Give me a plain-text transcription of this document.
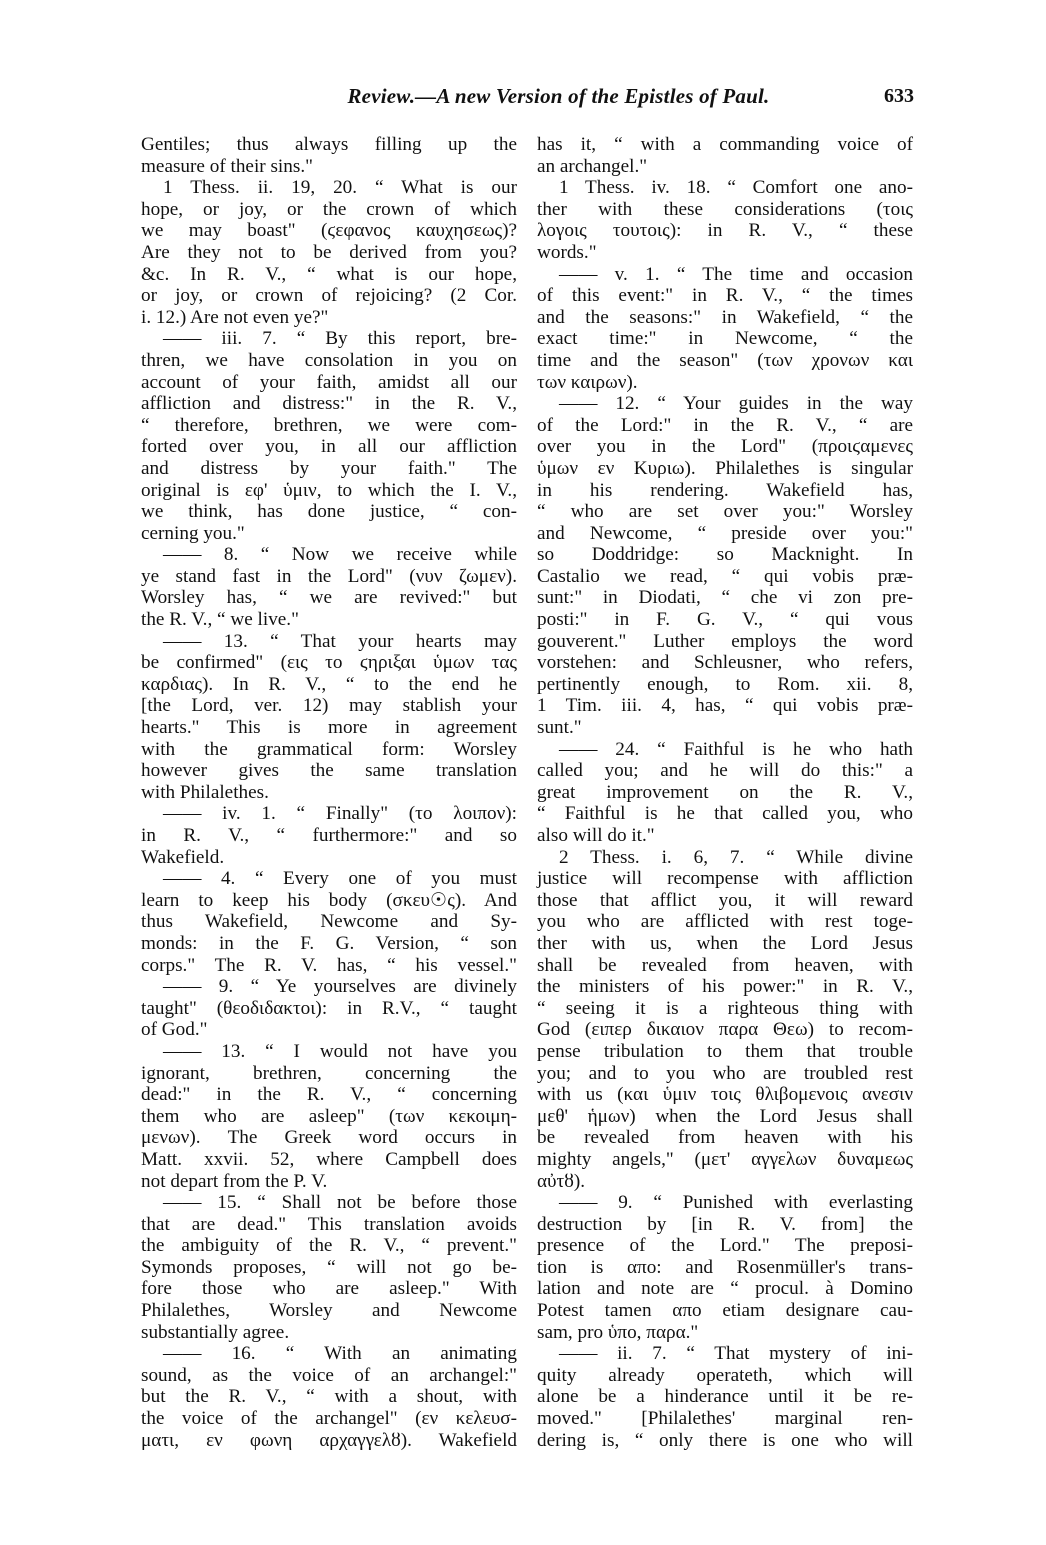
Review.—A new Version of the Epistles of Paul.	633
Gentiles; thus always filling up the
measure of their sins."
1 Thess. ii. 19, 20. “ What is our
hope, or joy, or the crown of which
we may boast" (ϛεφανος καυχησεως)?
Are they not to be derived from you?
&c. In R. V., “ what is our hope,
or joy, or crown of rejoicing? (2 Cor.
i. 12.) Are not even ye?"
—— iii. 7. “ By this report, bre-
thren, we have consolation in you on
account of your faith, amidst all our
affliction and distress:" in the R. V.,
“ therefore, brethren, we were com-
forted over you, in all our affliction
and distress by your faith." The
original is εφ' ὑμιν, to which the I. V.,
we think, has done justice, “ con-
cerning you."
—— 8. “ Now we receive while
ye stand fast in the Lord" (νυν ζωμεν).
Worsley has, “ we are revived:" but
the R. V., “ we live."
—— 13. “ That your hearts may
be confirmed" (εις το ϛηριξαι ὑμων τας
καρδιας). In R. V., “ to the end he
[the Lord, ver. 12) may stablish your
hearts." This is more in agreement
with the grammatical form: Worsley
however gives the same translation
with Philalethes.
—— iv. 1. “ Finally" (το λοιπον):
in R. V., “ furthermore:" and so
Wakefield.
—— 4. “ Every one of you must
learn to keep his body (σκευ☉ς). And
thus Wakefield, Newcome and Sy-
monds: in the F. G. Version, “ son
corps." The R. V. has, “ his vessel."
—— 9. “ Ye yourselves are divinely
taught" (θεοδιδακτοι): in R.V., “ taught
of God."
—— 13. “ I would not have you
ignorant, brethren, concerning the
dead:" in the R. V., “ concerning
them who are asleep" (των κεκοιμη-
μενων). The Greek word occurs in
Matt. xxvii. 52, where Campbell does
not depart from the P. V.
—— 15. “ Shall not be before those
that are dead." This translation avoids
the ambiguity of the R. V., “ prevent."
Symonds proposes, “ will not go be-
fore those who are asleep." With
Philalethes, Worsley and Newcome
substantially agree.
—— 16. “ With an animating
sound, as the voice of an archangel:"
but the R. V., “ with a shout, with
the voice of the archangel" (εν κελευσ-
ματι, εν φωνη αρχαγγελȣ). Wakefield
has it, “ with a commanding voice of
an archangel."
1 Thess. iv. 18. “ Comfort one ano-
ther with these considerations (τοις
λογοις τουτοις): in R. V., “ these
words."
—— v. 1. “ The time and occasion
of this event:" in R. V., “ the times
and the seasons:" in Wakefield, “ the
exact time:" in Newcome, “ the
time and the season" (των χρονων και
των καιρων).
—— 12. “ Your guides in the way
of the Lord:" in the R. V., “ are
over you in the Lord" (προιϛαμενες
ὑμων εν Κυριω). Philalethes is singular
in his rendering. Wakefield has,
“ who are set over you:" Worsley
and Newcome, “ preside over you:"
so Doddridge: so Macknight. In
Castalio we read, “ qui vobis præ-
sunt:" in Diodati, “ che vi zon pre-
posti:" in F. G. V., “ qui vous
gouverent." Luther employs the word
vorstehen: and Schleusner, who refers,
pertinently enough, to Rom. xii. 8,
1 Tim. iii. 4, has, “ qui vobis præ-
sunt."
—— 24. “ Faithful is he who hath
called you; and he will do this:" a
great improvement on the R. V.,
“ Faithful is he that called you, who
also will do it."
2 Thess. i. 6, 7. “ While divine
justice will recompense with affliction
those that afflict you, it will reward
you who are afflicted with rest toge-
ther with us, when the Lord Jesus
shall be revealed from heaven, with
the ministers of his power:" in R. V.,
“ seeing it is a righteous thing with
God (ειπερ δικαιον παρα Θεω) to recom-
pense tribulation to them that trouble
you; and to you who are troubled rest
with us (και ὑμιν τοις θλιβομενοις ανεσιν
μεθ' ἡμων) when the Lord Jesus shall
be revealed from heaven with his
mighty angels," (μετ' αγγελων δυναμεως
αὐτȣ).
—— 9. “ Punished with everlasting
destruction by [in R. V. from] the
presence of the Lord." The preposi-
tion is απο: and Rosenmüller's trans-
lation and note are “ procul. à Domino
Potest tamen απο etiam designare cau-
sam, pro ὑπο, παρα."
—— ii. 7. “ That mystery of ini-
quity already operateth, which will
alone be a hinderance until it be re-
moved." [Philalethes' marginal ren-
dering is, “ only there is one who will
